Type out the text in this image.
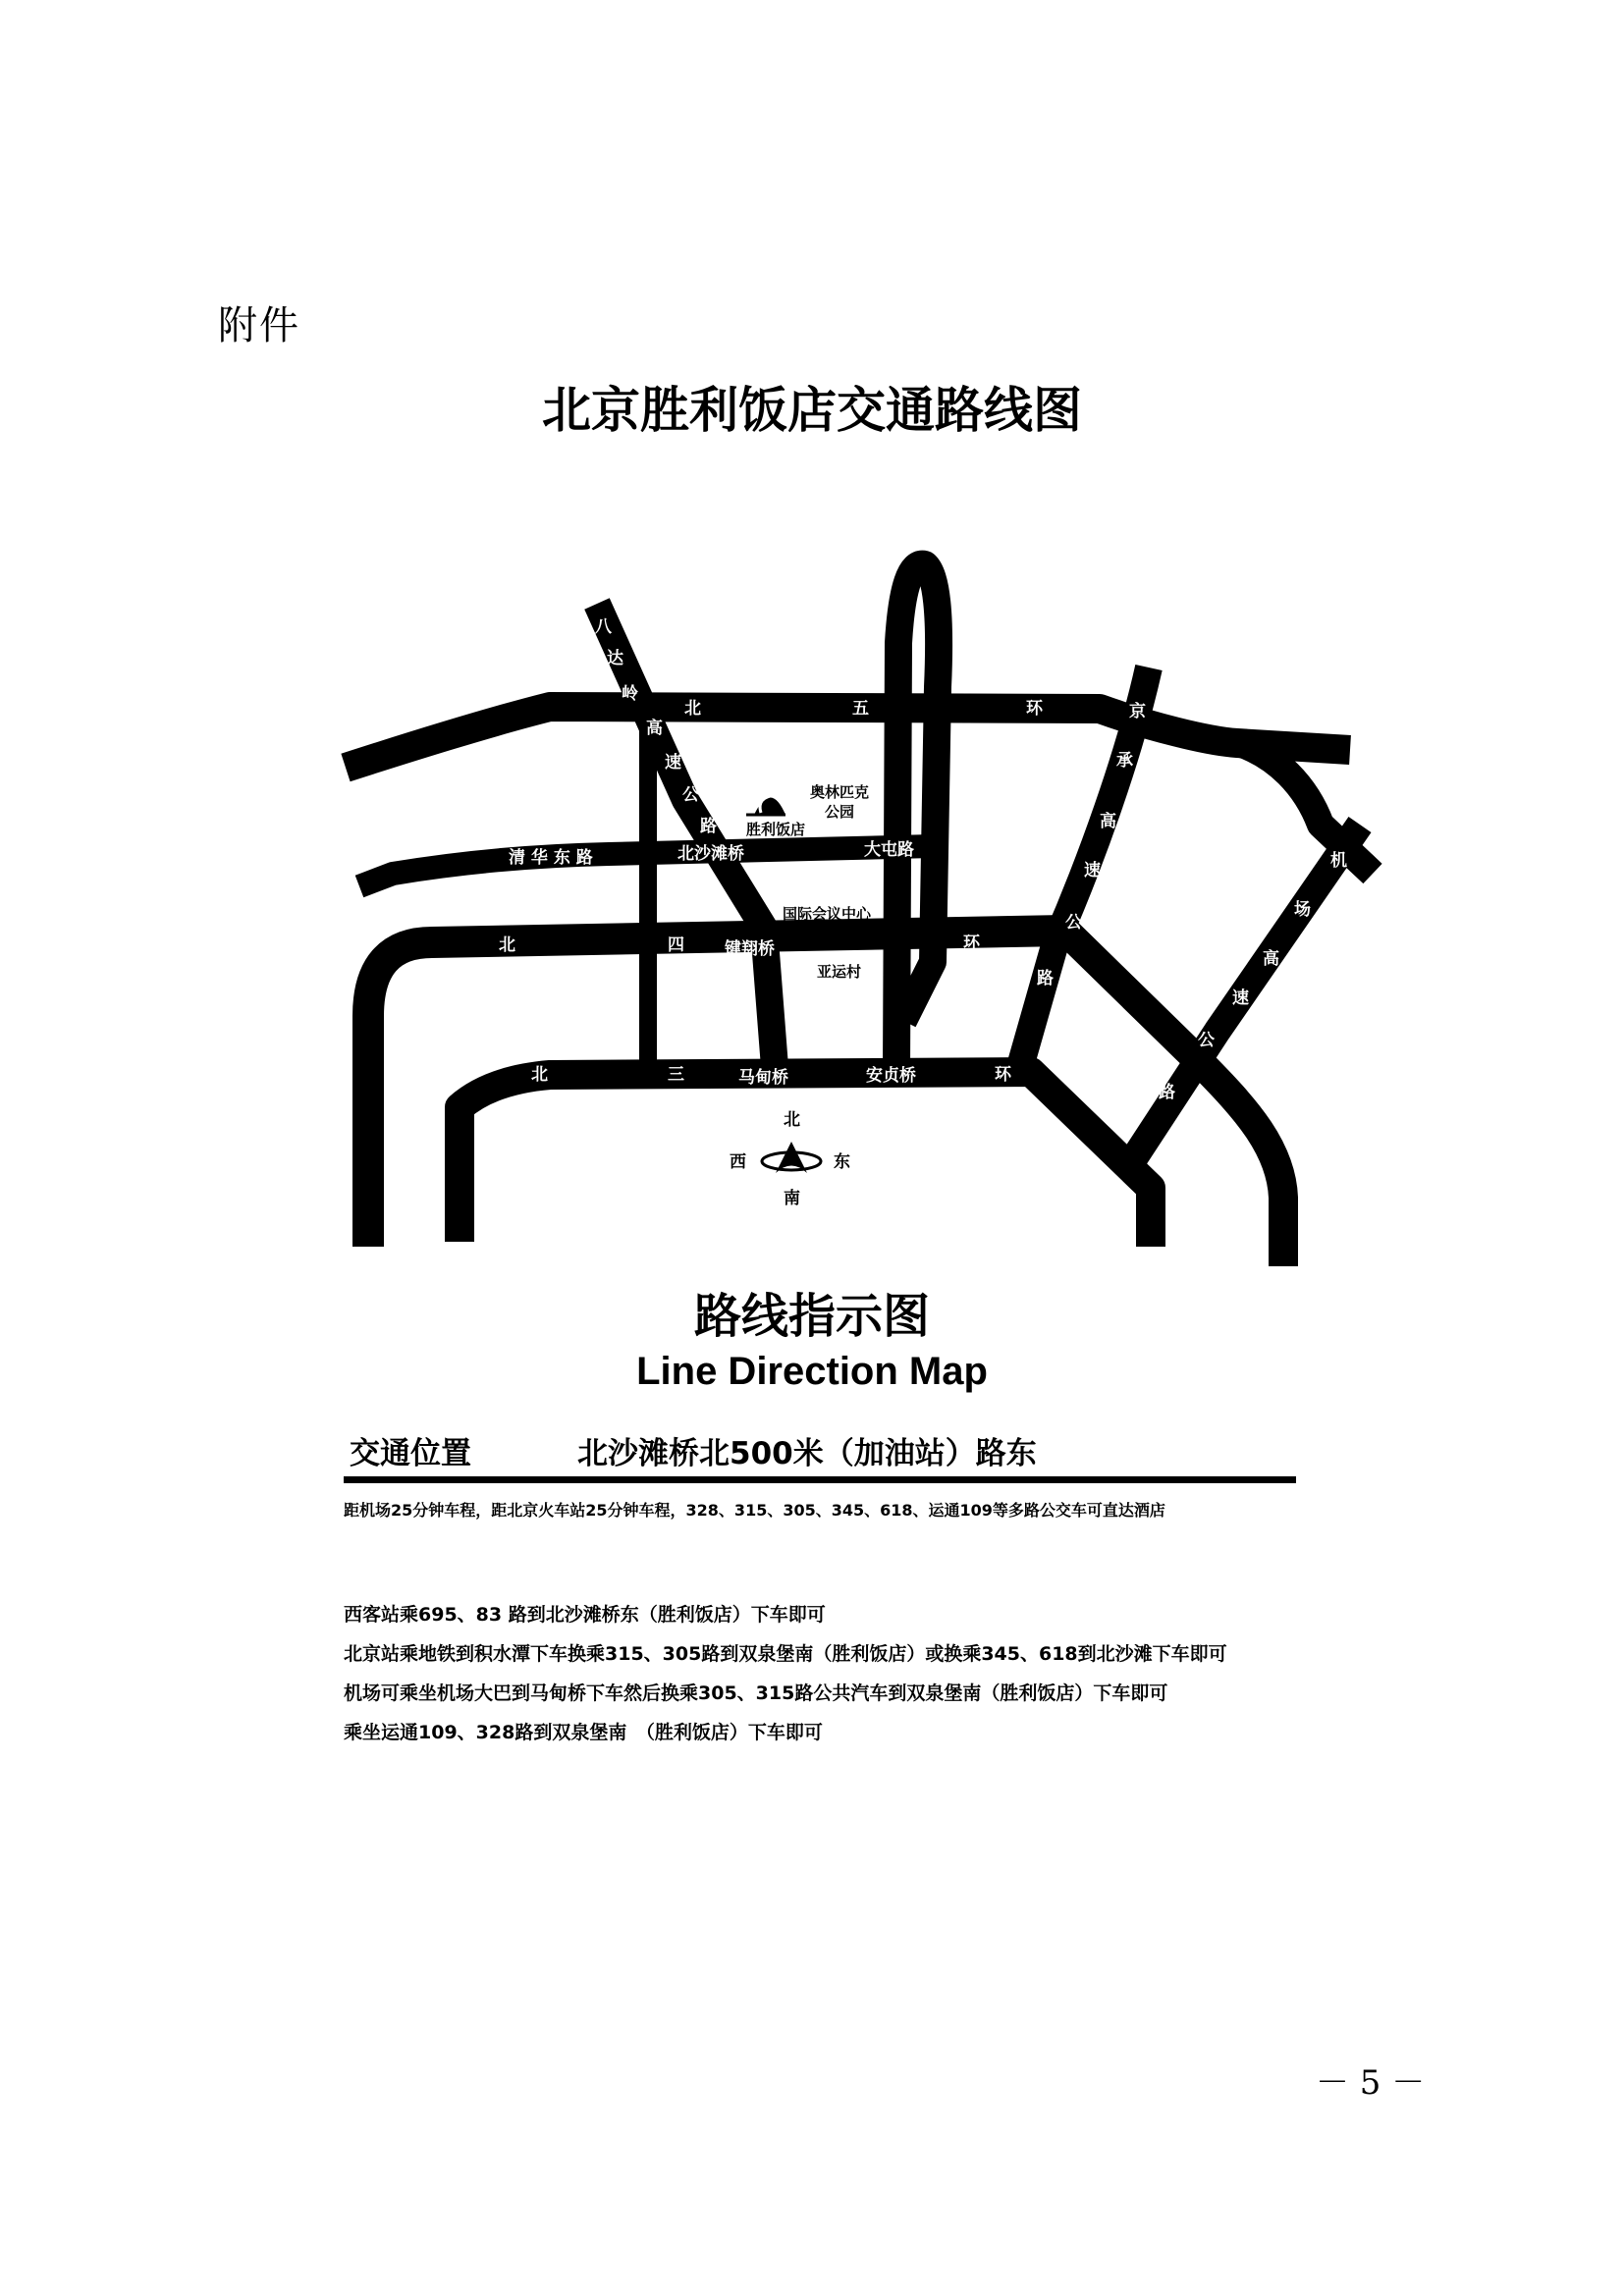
附件
北京胜利饭店交通路线图
八
达
岭
高
速
公
路
北	五	环	京
承
高
速
公
路
机
场
高
速
公
路
清 华 东 路	北沙滩桥	大屯路
北	四	环
键翔桥
北	三	环
马甸桥	安贞桥
奥林匹克
公园
胜利饭店
国际会议中心
亚运村
北
南
东
西
路线指示图
Line Direction Map
交通位置	北沙滩桥北500米（加油站）路东
距机场25分钟车程，距北京火车站25分钟车程，328、315、305、345、618、运通109等多路公交车可直达酒店
西客站乘695、83 路到北沙滩桥东（胜利饭店）下车即可
北京站乘地铁到积水潭下车换乘315、305路到双泉堡南（胜利饭店）或换乘345、618到北沙滩下车即可
机场可乘坐机场大巴到马甸桥下车然后换乘305、315路公共汽车到双泉堡南（胜利饭店）下车即可
乘坐运通109、328路到双泉堡南　（胜利饭店）下车即可
－ 5 －
